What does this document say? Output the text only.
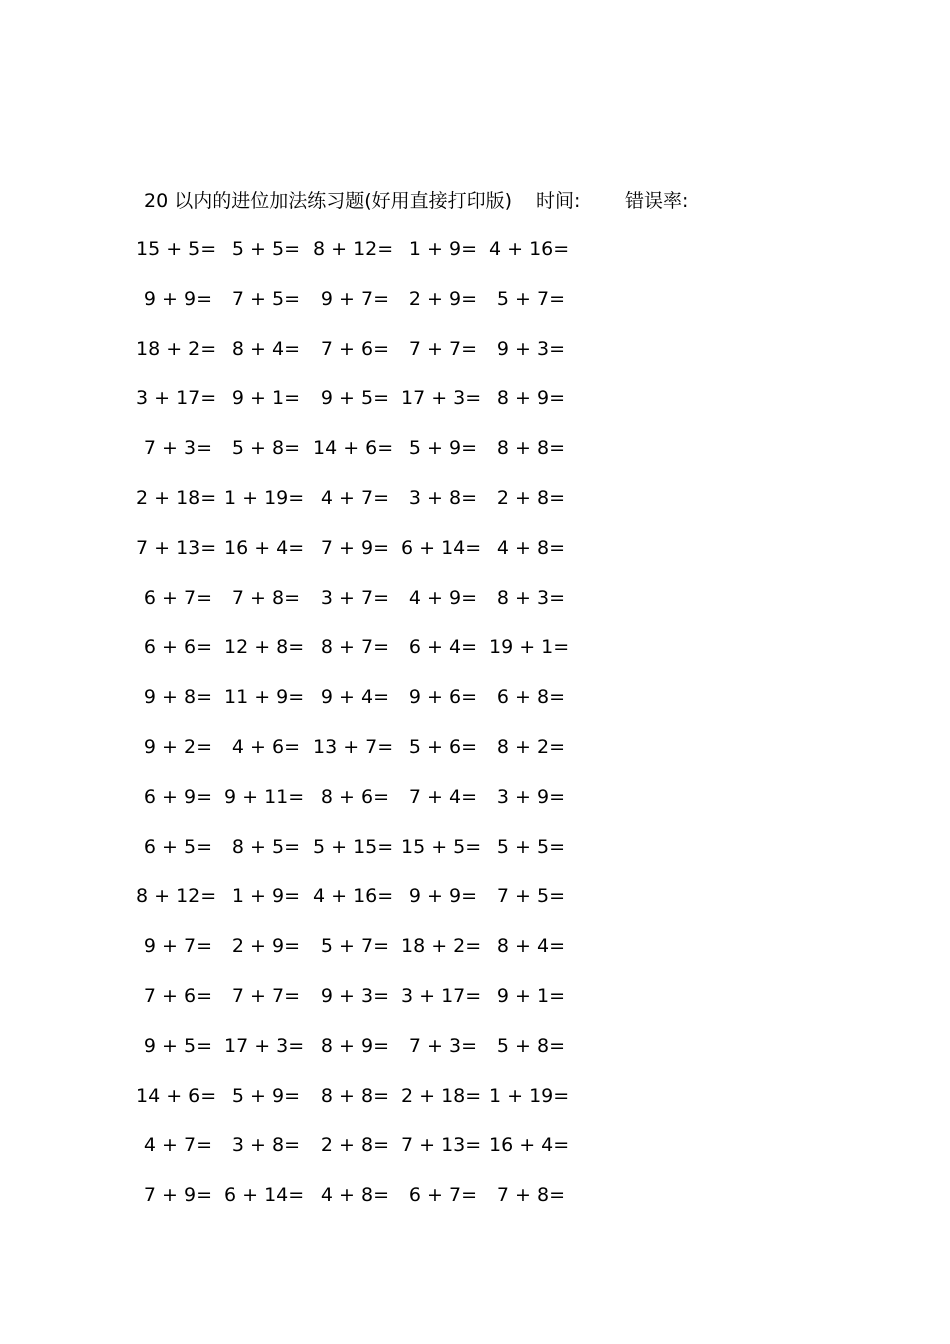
20 以内的进位加法练习题(好用直接打印版) 时间: 错误率:
15 + 5= 5 + 5= 8 + 12= 1 + 9= 4 + 16=
9 + 9=	7 + 5=	9 + 7=	2 + 9=	5 + 7=
18 + 2= 8 + 4=	7 + 6=	7 + 7=	9 + 3=
3 + 17= 9 + 1=	9 + 5= 17 + 3= 8 + 9=
7 + 3=	5 + 8= 14 + 6= 5 + 9=	8 + 8=
2 + 18= 1 + 19= 4 + 7=	3 + 8=	2 + 8=
7 + 13= 16 + 4= 7 + 9= 6 + 14= 4 + 8=
6 + 7=	7 + 8=	3 + 7=	4 + 9=	8 + 3=
6 + 6= 12 + 8= 8 + 7=	6 + 4= 19 + 1=
9 + 8= 11 + 9= 9 + 4=	9 + 6=	6 + 8=
9 + 2=	4 + 6= 13 + 7= 5 + 6=	8 + 2=
6 + 9= 9 + 11= 8 + 6=	7 + 4=	3 + 9=
6 + 5=	8 + 5= 5 + 15= 15 + 5= 5 + 5=
8 + 12= 1 + 9= 4 + 16= 9 + 9=	7 + 5=
9 + 7=	2 + 9=	5 + 7= 18 + 2= 8 + 4=
7 + 6=	7 + 7=	9 + 3= 3 + 17= 9 + 1=
9 + 5= 17 + 3= 8 + 9=	7 + 3=	5 + 8=
14 + 6= 5 + 9=	8 + 8= 2 + 18= 1 + 19=
4 + 7=	3 + 8=	2 + 8= 7 + 13= 16 + 4=
7 + 9= 6 + 14= 4 + 8=	6 + 7=	7 + 8=
